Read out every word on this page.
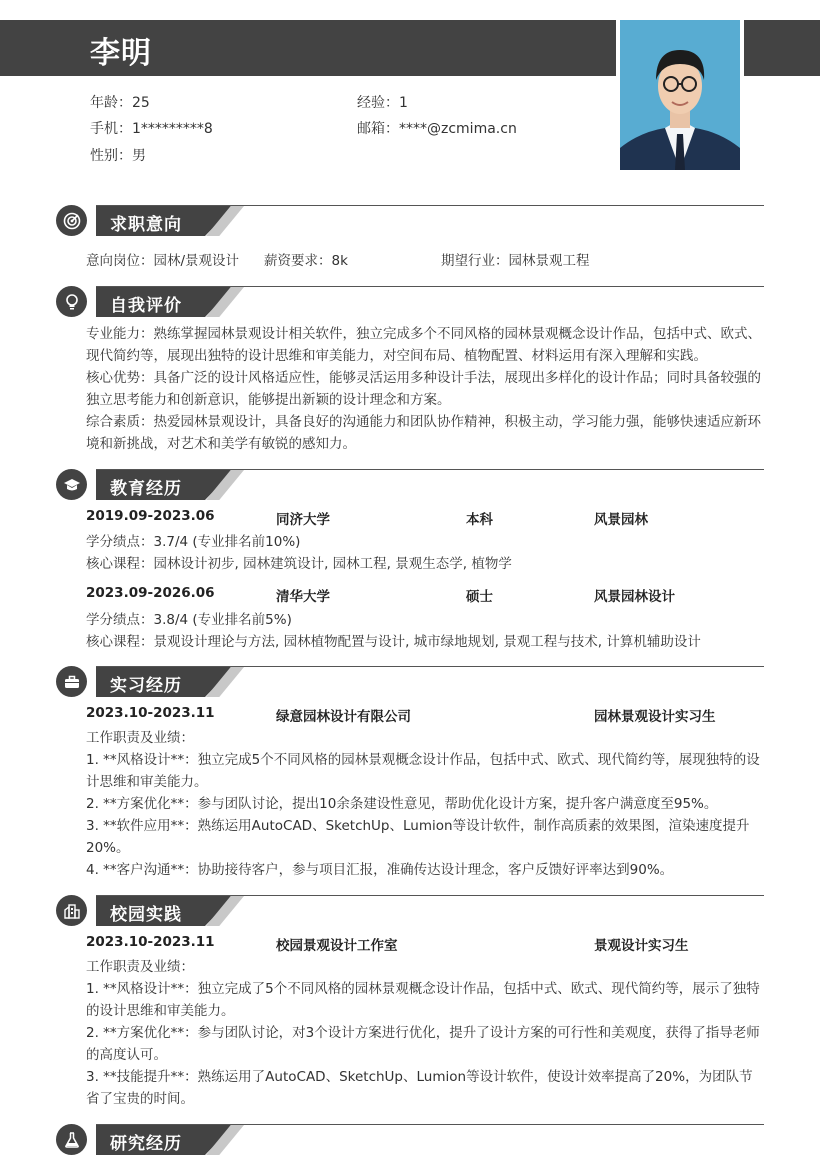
李明
年龄：25	经验：1
手机：1*********8	邮箱：****@zcmima.cn
性别：男
求职意向
意向岗位：园林/景观设计 薪资要求：8k	期望行业：园林景观工程
自我评价
专业能力：熟练掌握园林景观设计相关软件，独立完成多个不同风格的园林景观概念设计作品，包括中式、欧式、现代简约等，展现出独特的设计思维和审美能力，对空间布局、植物配置、材料运用有深入理解和实践。
核心优势：具备广泛的设计风格适应性，能够灵活运用多种设计手法，展现出多样化的设计作品；同时具备较强的独立思考能力和创新意识，能够提出新颖的设计理念和方案。
综合素质：热爱园林景观设计，具备良好的沟通能力和团队协作精神，积极主动，学习能力强，能够快速适应新环境和新挑战，对艺术和美学有敏锐的感知力。
教育经历
2019.09-2023.06	同济大学	本科	风景园林
学分绩点：3.7/4 (专业排名前10%)
核心课程：园林设计初步, 园林建筑设计, 园林工程, 景观生态学, 植物学
2023.09-2026.06	清华大学	硕士	风景园林设计
学分绩点：3.8/4 (专业排名前5%)
核心课程：景观设计理论与方法, 园林植物配置与设计, 城市绿地规划, 景观工程与技术, 计算机辅助设计
实习经历
2023.10-2023.11	绿意园林设计有限公司	园林景观设计实习生
工作职责及业绩：
1. **风格设计**：独立完成5个不同风格的园林景观概念设计作品，包括中式、欧式、现代简约等，展现独特的设计思维和审美能力。
2. **方案优化**：参与团队讨论，提出10余条建设性意见，帮助优化设计方案，提升客户满意度至95%。
3. **软件应用**：熟练运用AutoCAD、SketchUp、Lumion等设计软件，制作高质素的效果图，渲染速度提升20%。
4. **客户沟通**：协助接待客户，参与项目汇报，准确传达设计理念，客户反馈好评率达到90%。
校园实践
2023.10-2023.11	校园景观设计工作室	景观设计实习生
工作职责及业绩：
1. **风格设计**：独立完成了5个不同风格的园林景观概念设计作品，包括中式、欧式、现代简约等，展示了独特的设计思维和审美能力。
2. **方案优化**：参与团队讨论，对3个设计方案进行优化，提升了设计方案的可行性和美观度，获得了指导老师的高度认可。
3. **技能提升**：熟练运用了AutoCAD、SketchUp、Lumion等设计软件，使设计效率提高了20%，为团队节省了宝贵的时间。
研究经历
